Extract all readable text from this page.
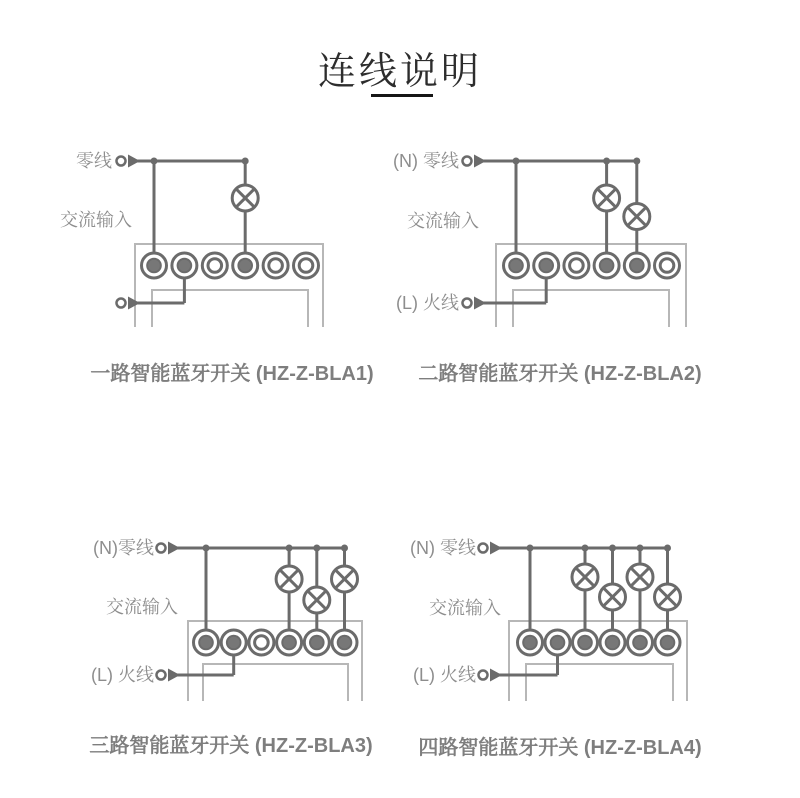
连线说明
零线
交流输入
一路智能蓝牙开关 (HZ-Z-BLA1)
(N) 零线
交流输入
(L) 火线
二路智能蓝牙开关 (HZ-Z-BLA2)
(N)零线
交流输入
(L) 火线
三路智能蓝牙开关 (HZ-Z-BLA3)
(N) 零线
交流输入
(L) 火线
四路智能蓝牙开关 (HZ-Z-BLA4)
